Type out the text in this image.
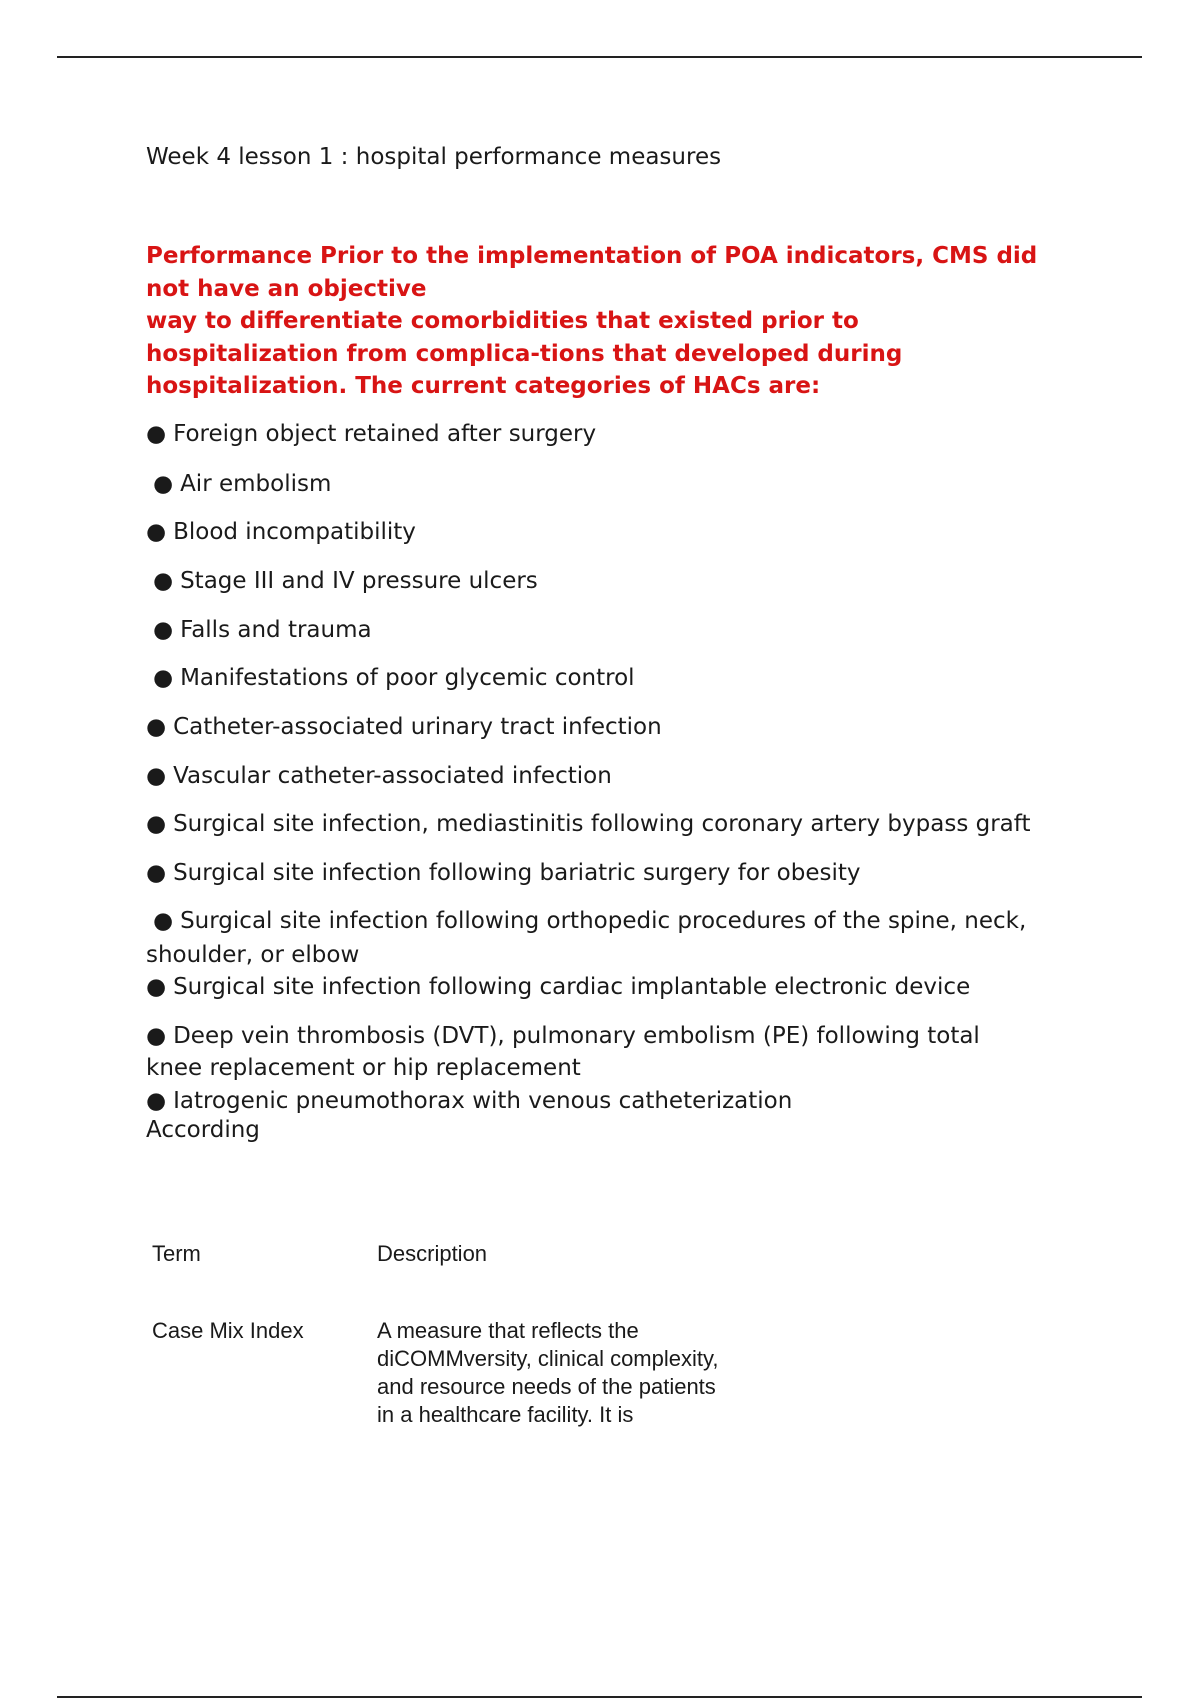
Week 4 lesson 1 : hospital performance measures
Performance Prior to the implementation of POA indicators, CMS did
not have an objective
way to differentiate comorbidities that existed prior to
hospitalization from complica-tions that developed during
hospitalization. The current categories of HACs are:
● Foreign object retained after surgery
● Air embolism
● Blood incompatibility
● Stage III and IV pressure ulcers
● Falls and trauma
● Manifestations of poor glycemic control
● Catheter-associated urinary tract infection
● Vascular catheter-associated infection
● Surgical site infection, mediastinitis following coronary artery bypass graft
● Surgical site infection following bariatric surgery for obesity
● Surgical site infection following orthopedic procedures of the spine, neck,
shoulder, or elbow
● Surgical site infection following cardiac implantable electronic device
● Deep vein thrombosis (DVT), pulmonary embolism (PE) following total
knee replacement or hip replacement
● Iatrogenic pneumothorax with venous catheterization
According
Term	Description
Case Mix Index	A measure that reflects the
diCOMMversity, clinical complexity,
and resource needs of the patients
in a healthcare facility. It is
